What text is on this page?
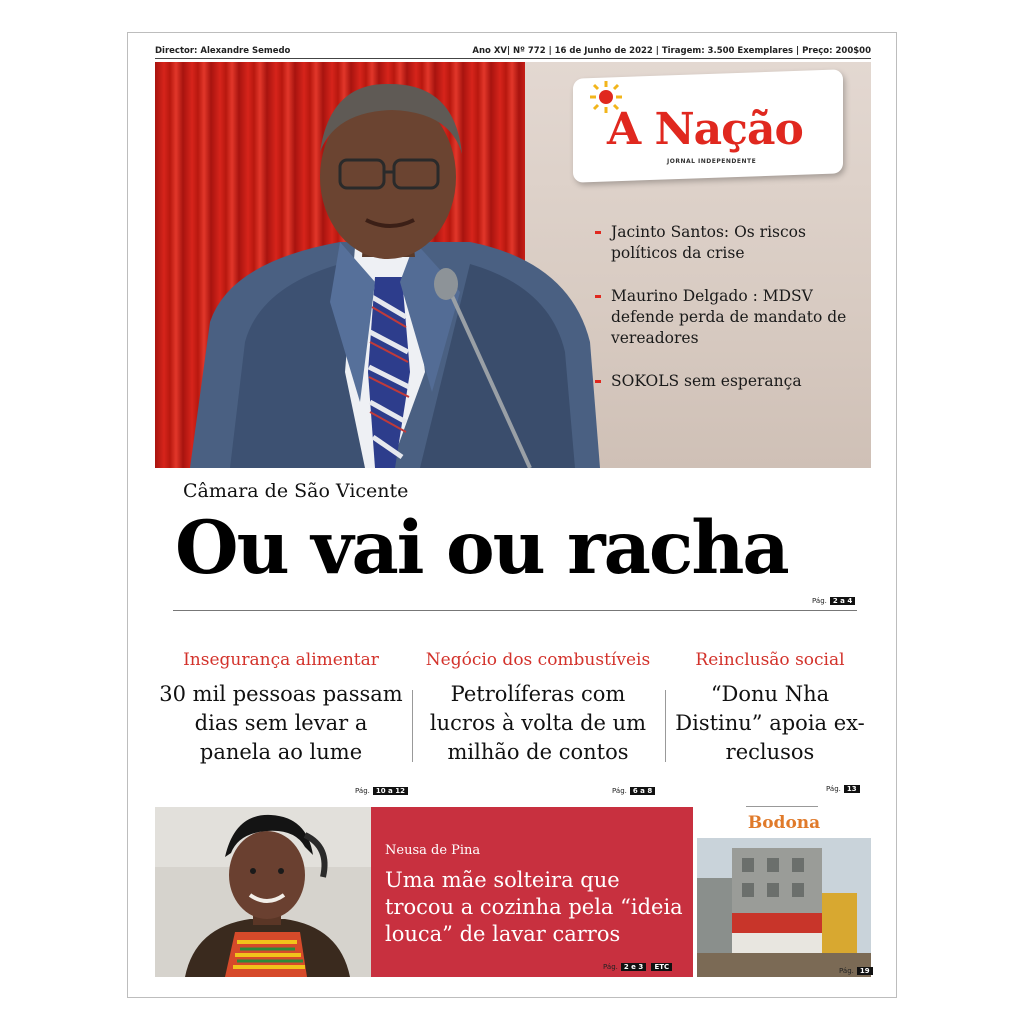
Director: Alexandre Semedo	Ano XV| Nº 772 | 16 de Junho de 2022 | Tiragem: 3.500 Exemplares | Preço: 200$00
A Nação
JORNAL INDEPENDENTE
Jacinto Santos: Os riscos políticos da crise
Maurino Delgado : MDSV defende perda de mandato de vereadores
SOKOLS sem esperança
Câmara de São Vicente
Ou vai ou racha
Pág. 2 a 4
Insegurança alimentar
30 mil pessoas passam dias sem levar a panela ao lume
Pág. 10 a 12
Negócio dos combustíveis
Petrolíferas com lucros à volta de um milhão de contos
Pág. 6 a 8
Reinclusão social
“Donu Nha Distinu” apoia ex-reclusos
Pág. 13
Neusa de Pina
Uma mãe solteira que trocou a cozinha pela “ideia louca” de lavar carros
Pág. 2 e 3 ETC
Bodona
Pág. 19
